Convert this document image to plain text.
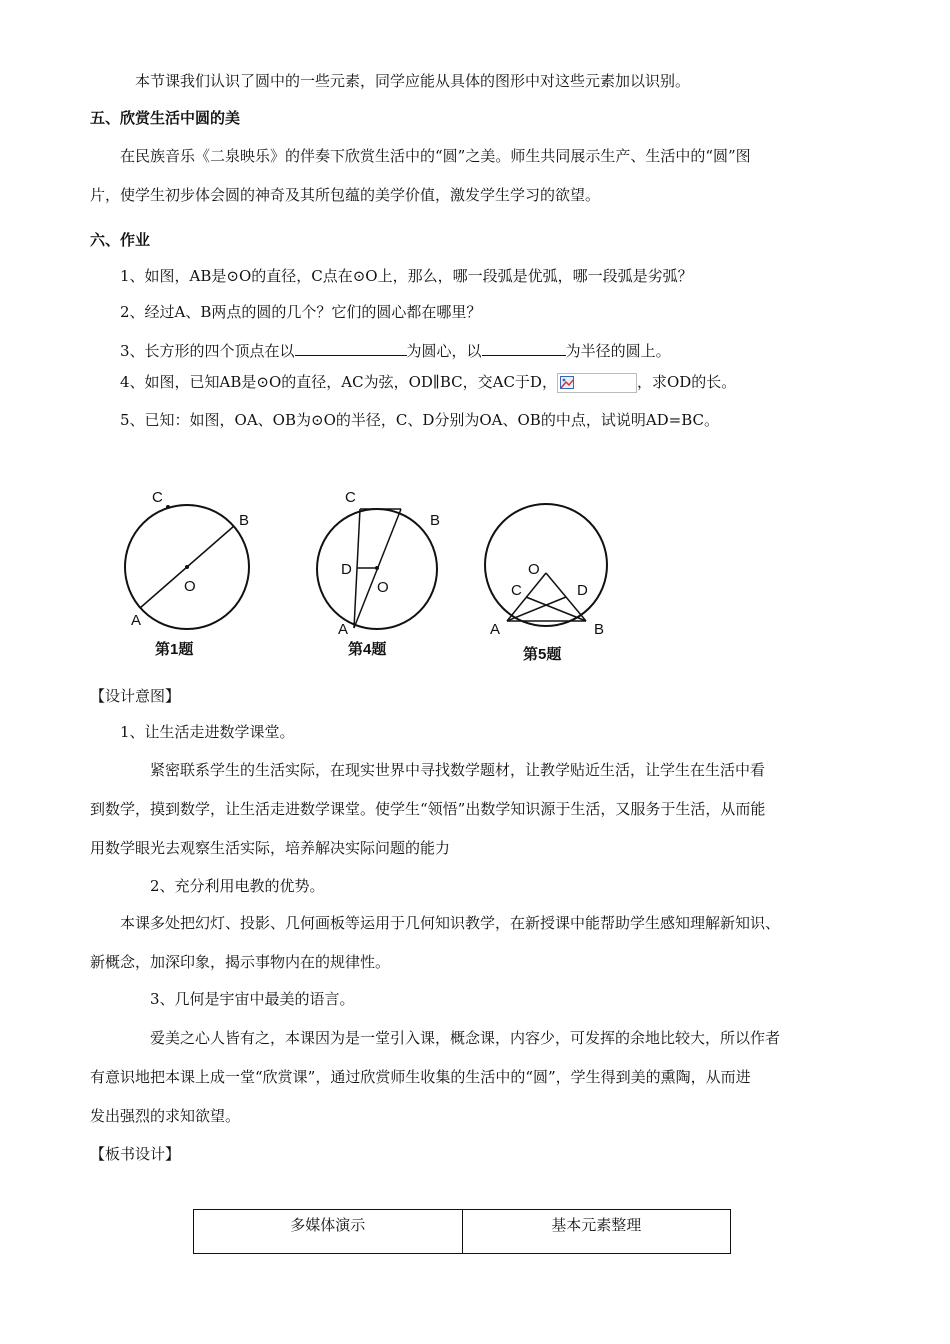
本节课我们认识了圆中的一些元素，同学应能从具体的图形中对这些元素加以识别。
五、欣赏生活中圆的美
在民族音乐《二泉映乐》的伴奏下欣赏生活中的“圆”之美。师生共同展示生产、生活中的“圆”图
片，使学生初步体会圆的神奇及其所包蕴的美学价值，激发学生学习的欲望。
六、作业
1、如图，AB是⊙O的直径，C点在⊙O上，那么，哪一段弧是优弧，哪一段弧是劣弧？
2、经过A、B两点的圆的几个？它们的圆心都在哪里？
3、长方形的四个顶点在以	为圆心，以	为半径的圆上。
4、如图，已知AB是⊙O的直径，AC为弦，OD∥BC，交AC于D，	，求OD的长。
5、已知：如图，OA、OB为⊙O的半径，C、D分别为OA、OB的中点，试说明AD=BC。
C
B
O
A
第1题
C
B
D
O
A
第4题
O
C	D
A	B
第5题
【设计意图】
1、让生活走进数学课堂。
紧密联系学生的生活实际，在现实世界中寻找数学题材，让教学贴近生活，让学生在生活中看
到数学，摸到数学，让生活走进数学课堂。使学生“领悟”出数学知识源于生活，又服务于生活，从而能
用数学眼光去观察生活实际，培养解决实际问题的能力
2、充分利用电教的优势。
本课多处把幻灯、投影、几何画板等运用于几何知识教学，在新授课中能帮助学生感知理解新知识、
新概念，加深印象，揭示事物内在的规律性。
3、几何是宇宙中最美的语言。
爱美之心人皆有之，本课因为是一堂引入课，概念课，内容少，可发挥的余地比较大，所以作者
有意识地把本课上成一堂“欣赏课”，通过欣赏师生收集的生活中的“圆”，学生得到美的熏陶，从而进
发出强烈的求知欲望。
【板书设计】
多媒体演示	基本元素整理
